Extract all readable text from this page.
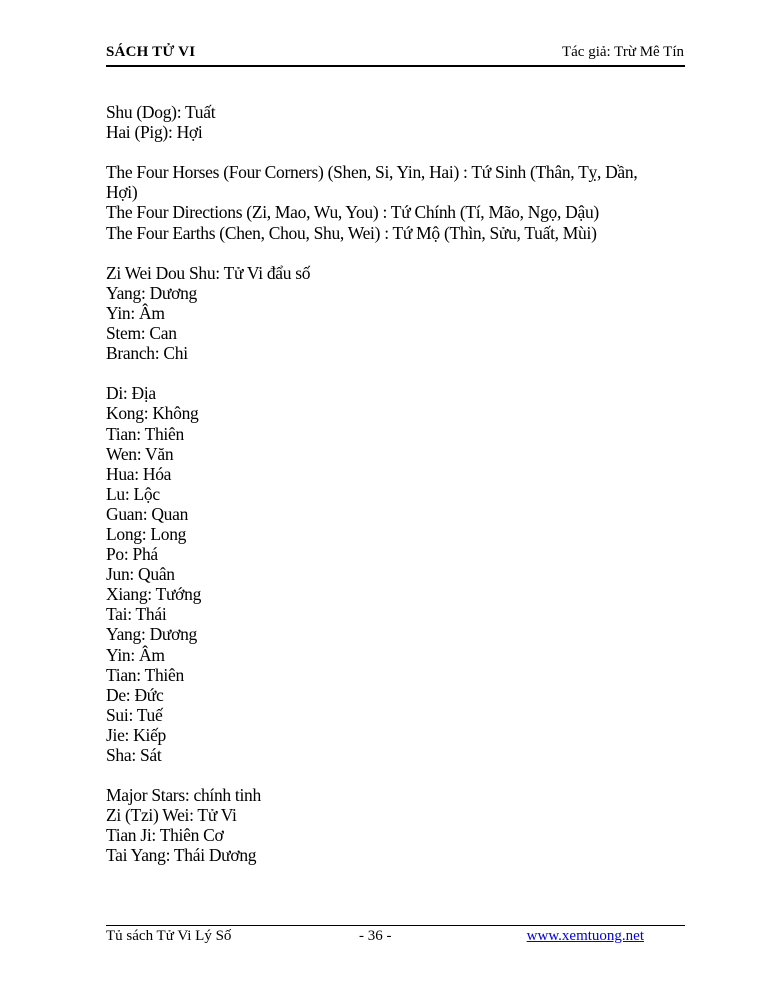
SÁCH TỬ VI	Tác giả: Trừ Mê Tín

Shu (Dog): Tuất

Hai (Pig): Hợi

The Four Horses (Four Corners) (Shen, Si, Yin, Hai) : Tứ Sinh (Thân, Tỵ, Dần,

Hợi)

The Four Directions (Zi, Mao, Wu, You) : Tứ Chính (Tí, Mão, Ngọ, Dậu)

The Four Earths (Chen, Chou, Shu, Wei) : Tứ Mộ (Thìn, Sửu, Tuất, Mùi)

Zi Wei Dou Shu: Tử Vi đẩu số

Yang: Dương

Yin: Âm

Stem: Can

Branch: Chi

Di: Địa

Kong: Không

Tian: Thiên

Wen: Văn

Hua: Hóa

Lu: Lộc

Guan: Quan

Long: Long

Po: Phá

Jun: Quân

Xiang: Tướng

Tai: Thái

Yang: Dương

Yin: Âm

Tian: Thiên

De: Đức

Sui: Tuế

Jie: Kiếp

Sha: Sát

Major Stars: chính tinh

Zi (Tzi) Wei: Tử Vi

Tian Ji: Thiên Cơ

Tai Yang: Thái Dương

Tủ sách Tử Vi Lý Số	- 36 -	www.xemtuong.net
